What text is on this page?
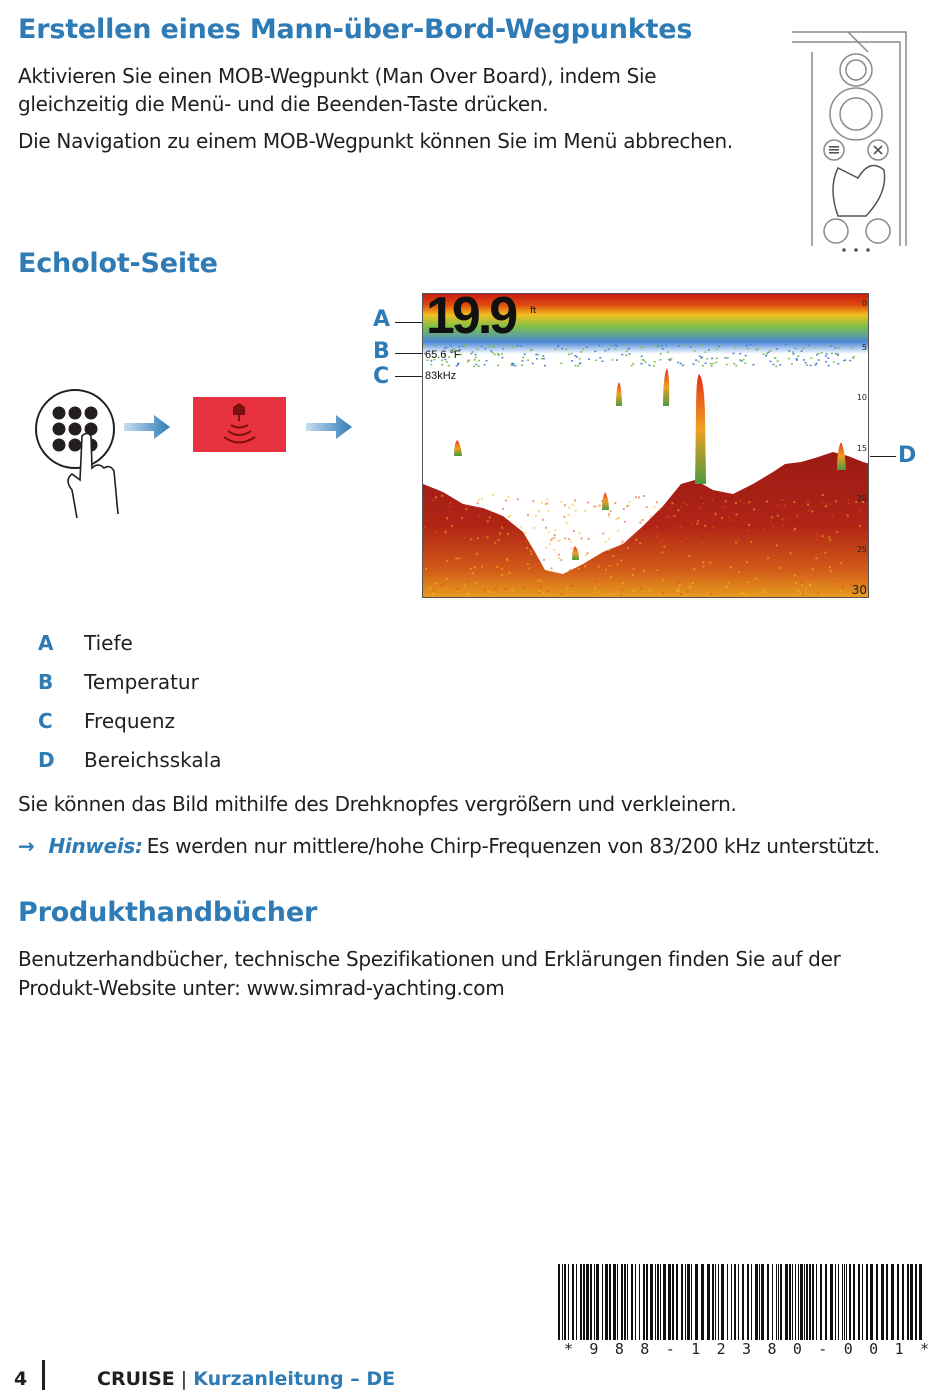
Erstellen eines Mann-über-Bord-Wegpunktes

Aktivieren Sie einen MOB-Wegpunkt (Man Over Board), indem Sie

gleichzeitig die Menü- und die Beenden-Taste drücken.

Die Navigation zu einem MOB-Wegpunkt können Sie im Menü abbrechen.

Echolot-Seite
A
B
C
D
0
5
10
15
20
25
30
19.9 ft
65.6 °F
83kHz
A Tiefe
B Temperatur
C Frequenz
D Bereichsskala

Sie können das Bild mithilfe des Drehknopfes vergrößern und verkleinern.

→ Hinweis: Es werden nur mittlere/hohe Chirp-Frequenzen von 83/200 kHz unterstützt.
Produkthandbücher

Benutzerhandbücher, technische Spezifikationen und Erklärungen finden Sie auf der

Produkt-Website unter: www.simrad-yachting.com

*988-12380-001*
4	CRUISE | Kurzanleitung – DE
